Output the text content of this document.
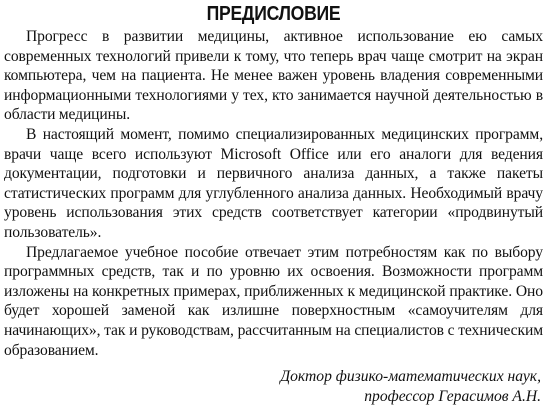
ПРЕДИСЛОВИЕ

Прогресс в развитии медицины, активное использование ею самых современных технологий привели к тому, что теперь врач чаще смотрит на экран компьютера, чем на пациента. Не менее важен уровень владения современными информационными технологиями у тех, кто занимается научной деятельностью в области медицины.

В настоящий момент, помимо специализированных медицинских программ, врачи чаще всего используют Microsoft Office или его аналоги для ведения документации, подготовки и первичного анализа данных, а также пакеты статистических программ для углубленного анализа данных. Необходимый врачу уровень использования этих средств соответствует категории «продвинутый пользователь».

Предлагаемое учебное пособие отвечает этим потребностям как по выбору программных средств, так и по уровню их освоения. Возможности программ изложены на конкретных примерах, приближенных к медицинской практике. Оно будет хорошей заменой как излишне поверхностным «самоучителям для начинающих», так и руководствам, рассчитанным на специалистов с техническим образованием.

Доктор физико-математических наук,
профессор Герасимов А.Н.
